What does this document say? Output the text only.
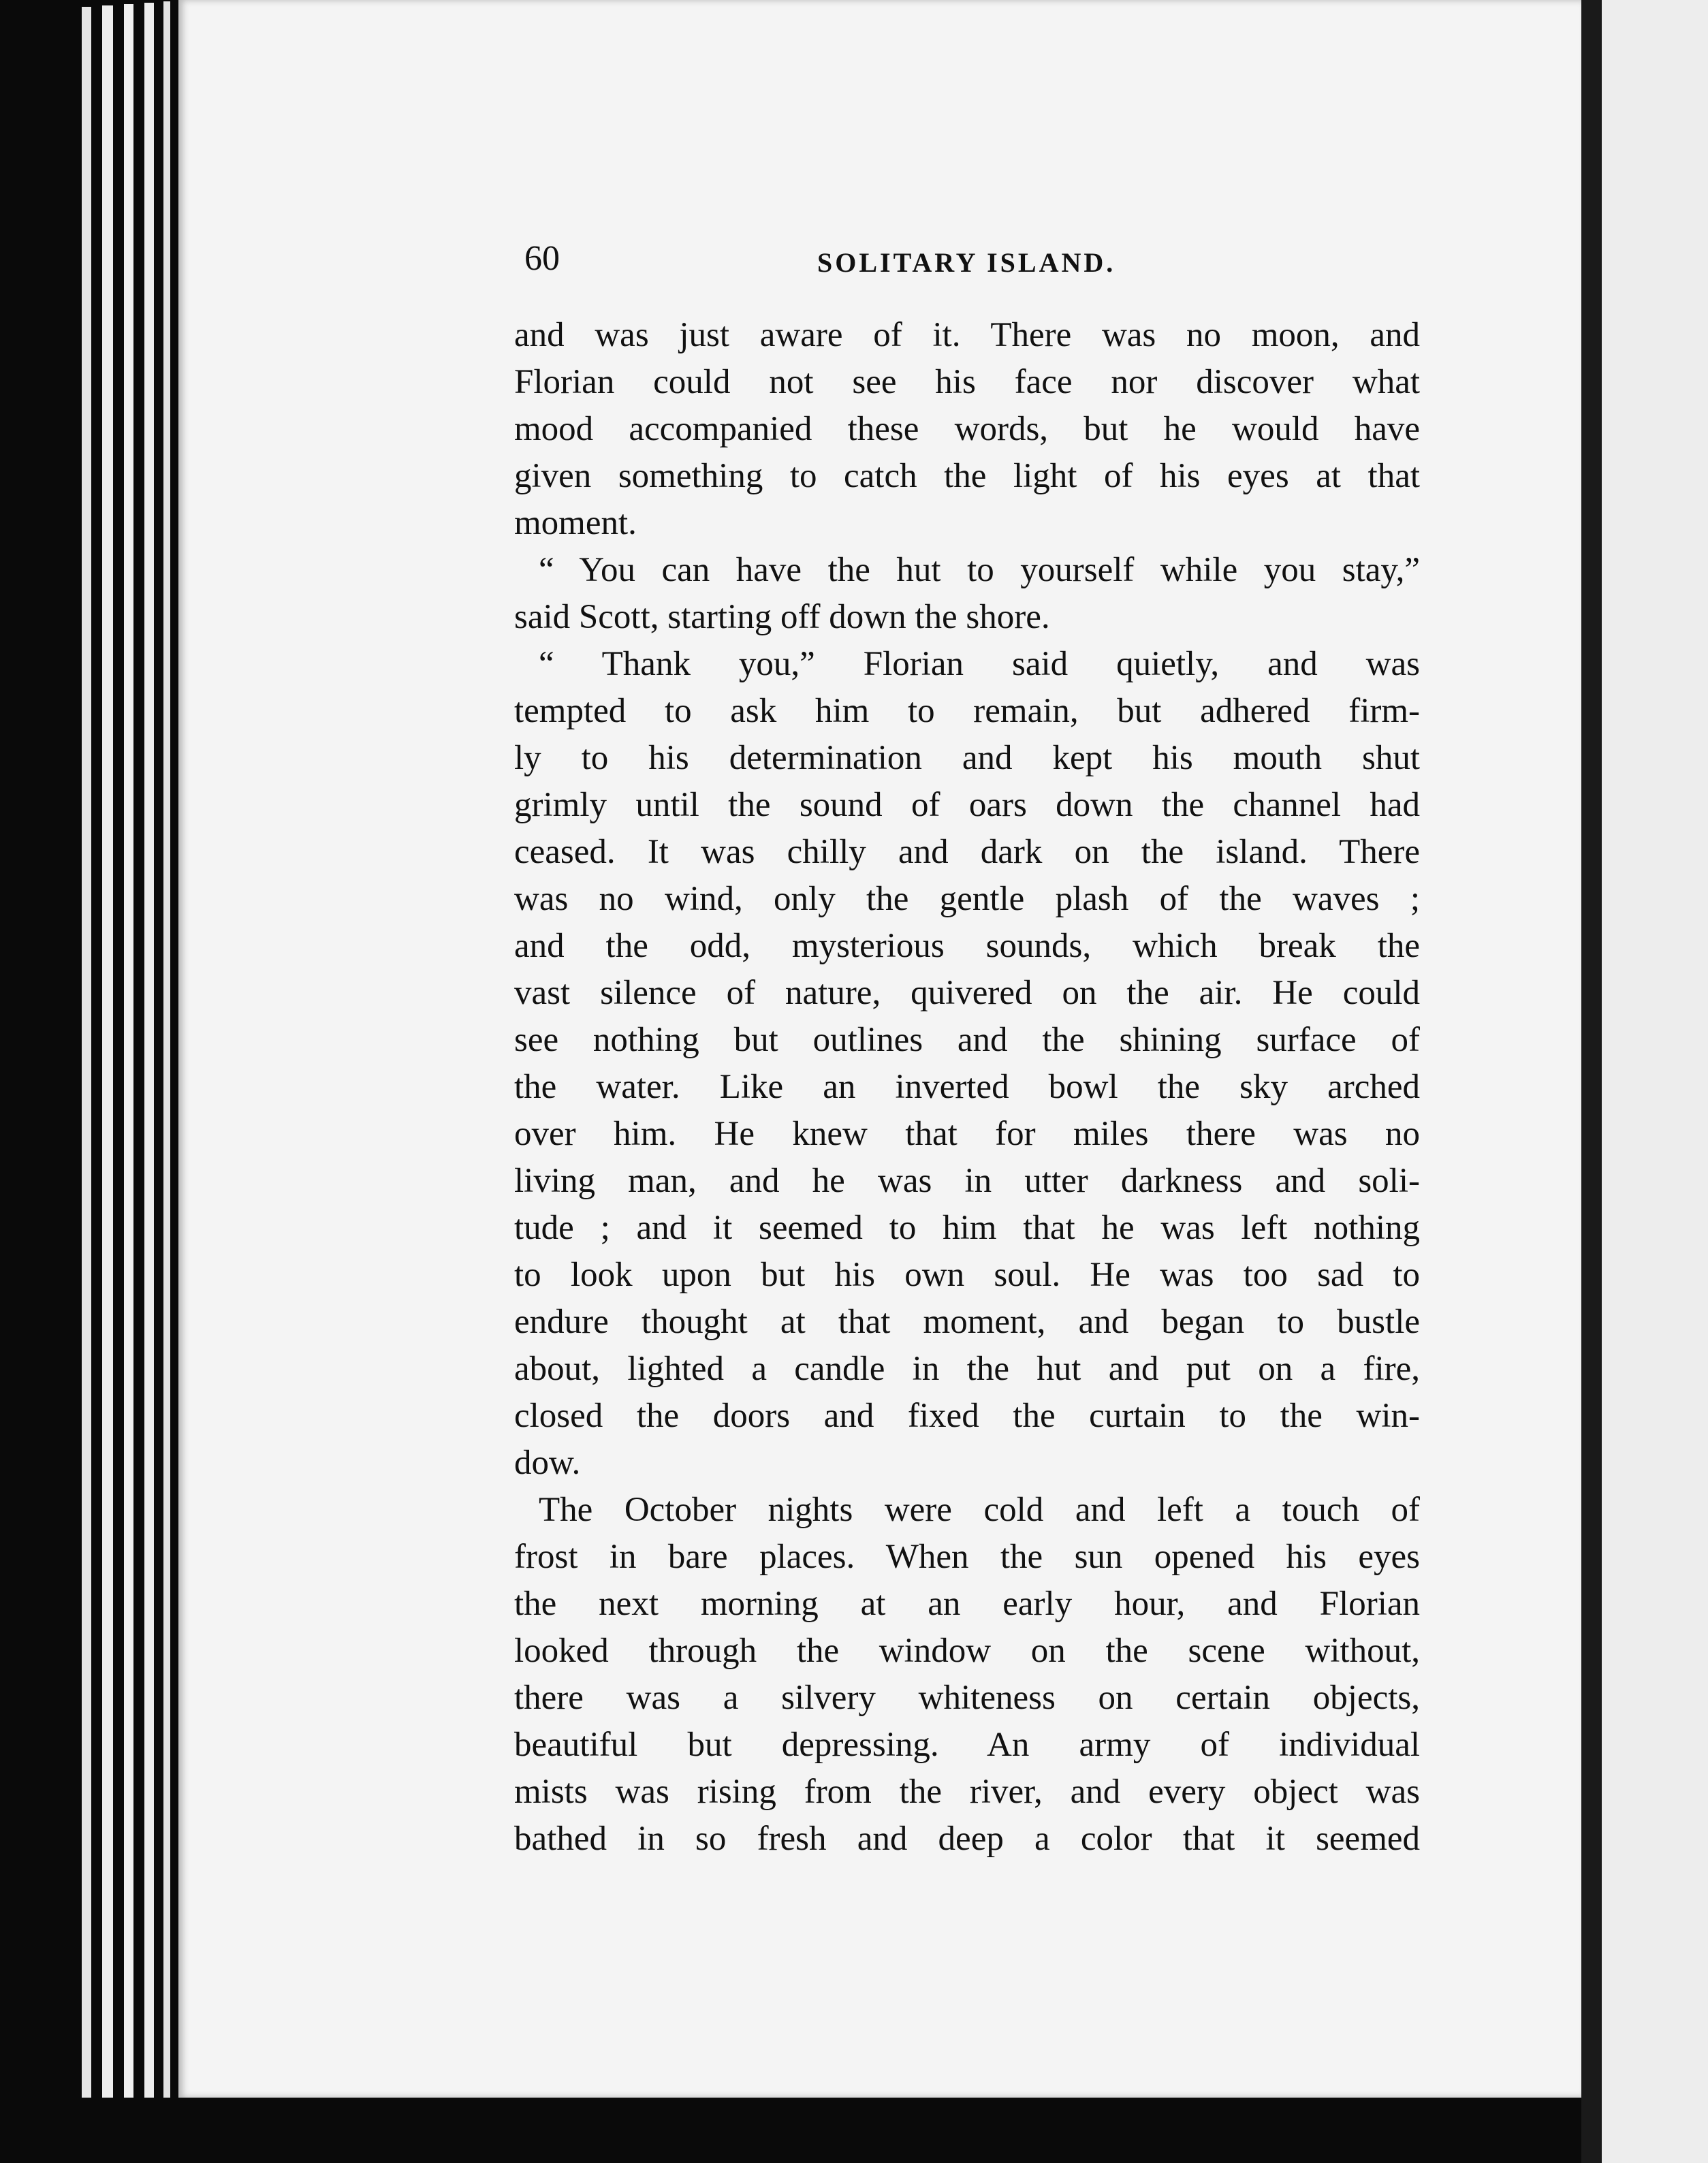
60	SOLITARY ISLAND.
and was just aware of it. There was no moon, and
Florian could not see his face nor discover what
mood accompanied these words, but he would have
given something to catch the light of his eyes at that
moment.
“ You can have the hut to yourself while you stay,”
said Scott, starting off down the shore.
“ Thank you,” Florian said quietly, and was
tempted to ask him to remain, but adhered firm-
ly to his determination and kept his mouth shut
grimly until the sound of oars down the channel had
ceased. It was chilly and dark on the island. There
was no wind, only the gentle plash of the waves ;
and the odd, mysterious sounds, which break the
vast silence of nature, quivered on the air. He could
see nothing but outlines and the shining surface of
the water. Like an inverted bowl the sky arched
over him. He knew that for miles there was no
living man, and he was in utter darkness and soli-
tude ; and it seemed to him that he was left nothing
to look upon but his own soul. He was too sad to
endure thought at that moment, and began to bustle
about, lighted a candle in the hut and put on a fire,
closed the doors and fixed the curtain to the win-
dow.
The October nights were cold and left a touch of
frost in bare places. When the sun opened his eyes
the next morning at an early hour, and Florian
looked through the window on the scene without,
there was a silvery whiteness on certain objects,
beautiful but depressing. An army of individual
mists was rising from the river, and every object was
bathed in so fresh and deep a color that it seemed
